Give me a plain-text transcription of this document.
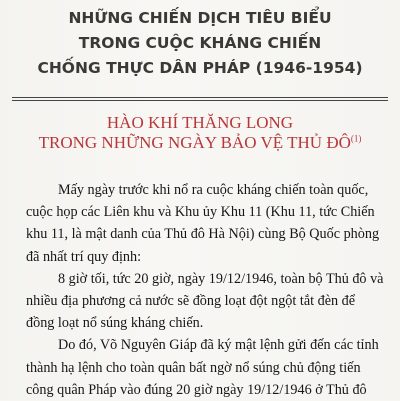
NHỮNG CHIẾN DỊCH TIÊU BIỂU
TRONG CUỘC KHÁNG CHIẾN
CHỐNG THỰC DÂN PHÁP (1946-1954)
HÀO KHÍ THĂNG LONG
TRONG NHỮNG NGÀY BẢO VỆ THỦ ĐÔ$^{(1)}$
Mấy ngày trước khi nổ ra cuộc kháng chiến toàn quốc,
cuộc họp các Liên khu và Khu ủy Khu 11 (Khu 11, tức Chiến
khu 11, là mật danh của Thủ đô Hà Nội) cùng Bộ Quốc phòng
đã nhất trí quy định:
8 giờ tối, tức 20 giờ, ngày 19/12/1946, toàn bộ Thủ đô và
nhiều địa phương cả nước sẽ đồng loạt đột ngột tắt đèn để
đồng loạt nổ súng kháng chiến.
Do đó, Võ Nguyên Giáp đã ký mật lệnh gửi đến các tỉnh
thành hạ lệnh cho toàn quân bất ngờ nổ súng chủ động tiến
công quân Pháp vào đúng 20 giờ ngày 19/12/1946 ở Thủ đô
